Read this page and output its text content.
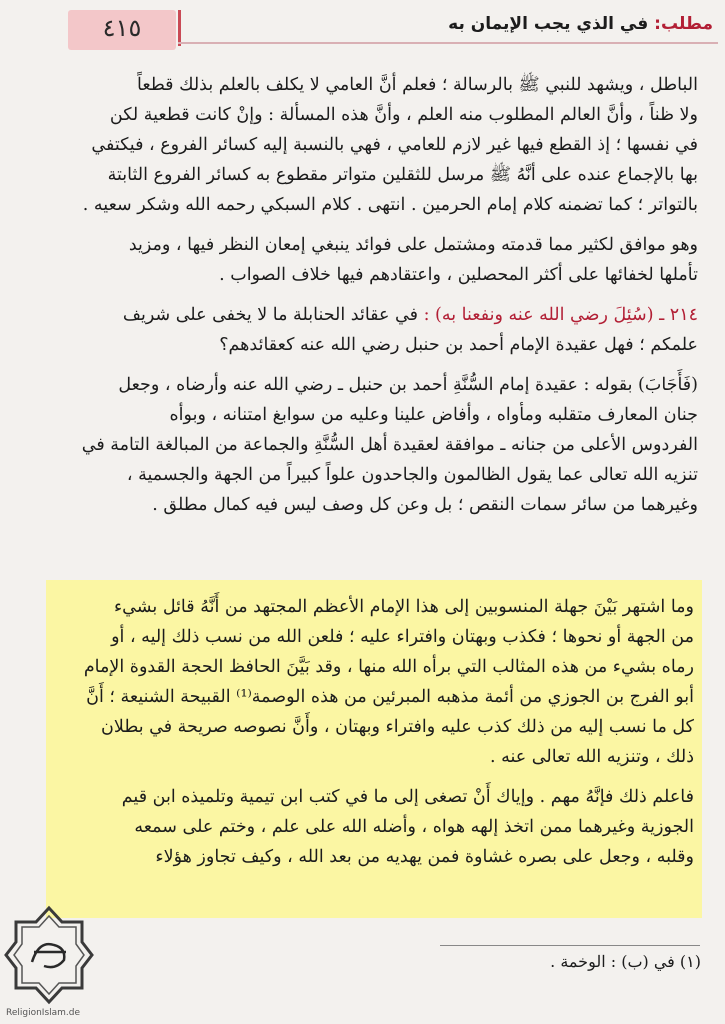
٤١٥	مطلب: في الذي يجب الإيمان به
الباطل ، ويشهد للنبي ﷺ بالرسالة ؛ فعلم أنَّ العامي لا يكلف بالعلم بذلك قطعاً
ولا ظناً ، وأنَّ العالم المطلوب منه العلم ، وأنَّ هذه المسألة : وإنْ كانت قطعية لكن
في نفسها ؛ إذ القطع فيها غير لازم للعامي ، فهي بالنسبة إليه كسائر الفروع ، فيكتفي
بها بالإجماع عنده على أنَّهُ ﷺ مرسل للثقلين متواتر مقطوع به كسائر الفروع الثابتة
بالتواتر ؛ كما تضمنه كلام إمام الحرمين . انتهى . كلام السبكي رحمه الله وشكر سعيه .
وهو موافق لكثير مما قدمته ومشتمل على فوائد ينبغي إمعان النظر فيها ، ومزيد
تأملها لخفائها على أكثر المحصلين ، واعتقادهم فيها خلاف الصواب .
٢١٤ ـ (سُئِلَ رضي الله عنه ونفعنا به) : في عقائد الحنابلة ما لا يخفى على شريف
علمكم ؛ فهل عقيدة الإمام أحمد بن حنبل رضي الله عنه كعقائدهم؟
(فَأَجَابَ) بقوله : عقيدة إمام السُّنَّةِ أحمد بن حنبل ـ رضي الله عنه وأرضاه ، وجعل
جنان المعارف متقلبه ومأواه ، وأفاض علينا وعليه من سوابغ امتنانه ، وبوأه
الفردوس الأعلى من جنانه ـ موافقة لعقيدة أهل السُّنَّةِ والجماعة من المبالغة التامة في
تنزيه الله تعالى عما يقول الظالمون والجاحدون علواً كبيراً من الجهة والجسمية ،
وغيرهما من سائر سمات النقص ؛ بل وعن كل وصف ليس فيه كمال مطلق .
وما اشتهر بَيْنَ جهلة المنسوبين إلى هذا الإمام الأعظم المجتهد من أَنَّهُ قائل بشيء
من الجهة أو نحوها ؛ فكذب وبهتان وافتراء عليه ؛ فلعن الله من نسب ذلك إليه ، أو
رماه بشيء من هذه المثالب التي برأه الله منها ، وقد بَيَّنَ الحافظ الحجة القدوة الإمام
أبو الفرج بن الجوزي من أئمة مذهبه المبرئين من هذه الوصمة⁽¹⁾ القبيحة الشنيعة ؛ أَنَّ
كل ما نسب إليه من ذلك كذب عليه وافتراء وبهتان ، وأَنَّ نصوصه صريحة في بطلان
ذلك ، وتنزيه الله تعالى عنه .
فاعلم ذلك فإنَّهُ مهم . وإياك أَنْ تصغى إلى ما في كتب ابن تيمية وتلميذه ابن قيم
الجوزية وغيرهما ممن اتخذ إلهه هواه ، وأضله الله على علم ، وختم على سمعه
وقلبه ، وجعل على بصره غشاوة فمن يهديه من بعد الله ، وكيف تجاوز هؤلاء
(١) في (ب) : الوخمة .
ReligionIslam.de
